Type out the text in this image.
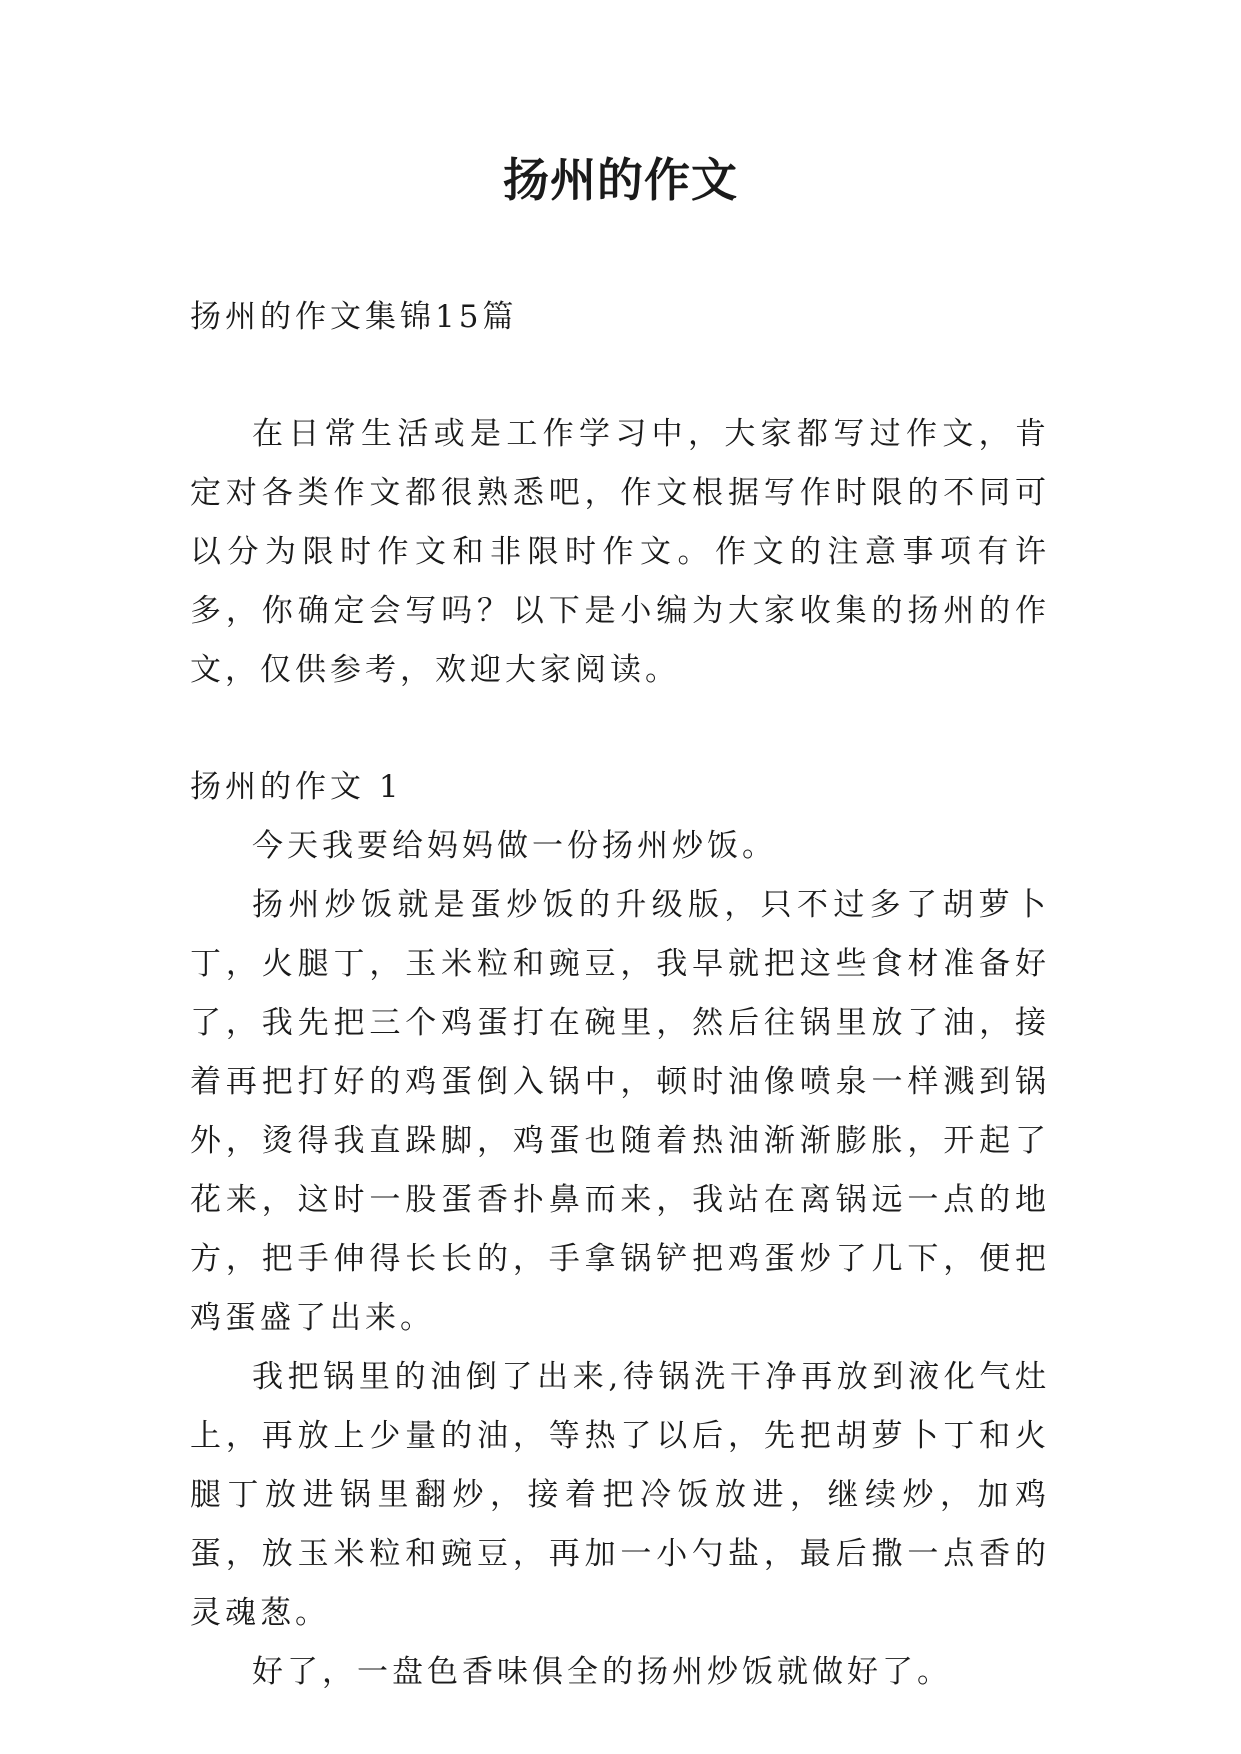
扬州的作文

扬州的作文集锦15篇

在日常生活或是工作学习中，大家都写过作文，肯定对各类作文都很熟悉吧，作文根据写作时限的不同可以分为限时作文和非限时作文。作文的注意事项有许多，你确定会写吗？以下是小编为大家收集的扬州的作文，仅供参考，欢迎大家阅读。

扬州的作文 1

今天我要给妈妈做一份扬州炒饭。

扬州炒饭就是蛋炒饭的升级版，只不过多了胡萝卜丁，火腿丁，玉米粒和豌豆，我早就把这些食材准备好了，我先把三个鸡蛋打在碗里，然后往锅里放了油，接着再把打好的鸡蛋倒入锅中，顿时油像喷泉一样溅到锅外，烫得我直跺脚，鸡蛋也随着热油渐渐膨胀，开起了花来，这时一股蛋香扑鼻而来，我站在离锅远一点的地方，把手伸得长长的，手拿锅铲把鸡蛋炒了几下，便把鸡蛋盛了出来。

我把锅里的油倒了出来,待锅洗干净再放到液化气灶上，再放上少量的油，等热了以后，先把胡萝卜丁和火腿丁放进锅里翻炒，接着把冷饭放进，继续炒，加鸡蛋，放玉米粒和豌豆，再加一小勺盐，最后撒一点香的灵魂葱。

好了，一盘色香味俱全的扬州炒饭就做好了。
